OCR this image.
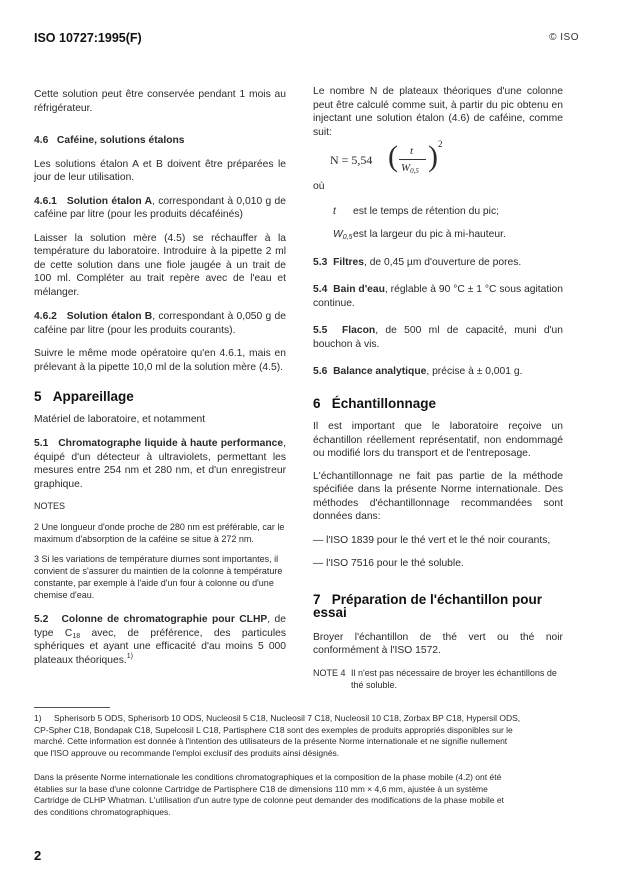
ISO 10727:1995(F)	© ISO

Cette solution peut être conservée pendant 1 mois au réfrigérateur.

4.6 Caféine, solutions étalons

Les solutions étalon A et B doivent être préparées le jour de leur utilisation.

4.6.1 Solution étalon A, correspondant à 0,010 g de caféine par litre (pour les produits décaféinés)

Laisser la solution mère (4.5) se réchauffer à la température du laboratoire. Introduire à la pipette 2 ml de cette solution dans une fiole jaugée à un trait de 100 ml. Compléter au trait repère avec de l'eau et mélanger.

4.6.2 Solution étalon B, correspondant à 0,050 g de caféine par litre (pour les produits courants).

Suivre le même mode opératoire qu'en 4.6.1, mais en prélevant à la pipette 10,0 ml de la solution mère (4.5).

5 Appareillage

Matériel de laboratoire, et notamment

5.1 Chromatographe liquide à haute performance, équipé d'un détecteur à ultraviolets, permettant les mesures entre 254 nm et 280 nm, et d'un enregistreur graphique.

NOTES

2 Une longueur d'onde proche de 280 nm est préférable, car le maximum d'absorption de la caféine se situe à 272 nm.

3 Si les variations de température diurnes sont importantes, il convient de s'assurer du maintien de la colonne à température constante, par exemple à l'aide d'un four à colonne ou d'une chemise d'eau.

5.2 Colonne de chromatographie pour CLHP, de type $C_{18}$ avec, de préférence, des particules sphériques et ayant une efficacité d'au moins 5 000 plateaux théoriques.$^{1)}$

Le nombre N de plateaux théoriques d'une colonne peut être calculé comme suit, à partir du pic obtenu en injectant une solution étalon (4.6) de caféine, comme suit:

N = 5,54 ( t
$W_{0,5}$ ) 2

où

t est le temps de rétention du pic;

$W_{0,5}est$ la largeur du pic à mi-hauteur.

5.3 Filtres, de 0,45 µm d'ouverture de pores.

5.4 Bain d'eau, réglable à 90 °C ± 1 °C sous agitation continue.

5.5 Flacon, de 500 ml de capacité, muni d'un bouchon à vis.

5.6 Balance analytique, précise à ± 0,001 g.

6 Échantillonnage

Il est important que le laboratoire reçoive un échantillon réellement représentatif, non endommagé ou modifié lors du transport et de l'entreposage.

L'échantillonnage ne fait pas partie de la méthode spécifiée dans la présente Norme internationale. Des méthodes d'échantillonnage recommandées sont données dans:

— l'ISO 1839 pour le thé vert et le thé noir courants,

— l'ISO 7516 pour le thé soluble.

7 Préparation de l'échantillon pour essai

Broyer l'échantillon de thé vert ou thé noir conformément à l'ISO 1572.

NOTE 4 Il n'est pas nécessaire de broyer les échantillons de thé soluble.

1) Spherisorb 5 ODS, Spherisorb 10 ODS, Nucleosil 5 C18, Nucleosil 7 C18, Nucleosil 10 C18, Zorbax BP C18, Hypersil ODS,

CP-Spher C18, Bondapak C18, Supelcosil L C18, Partisphere C18 sont des exemples de produits appropriés disponibles sur le

marché. Cette information est donnée à l'intention des utilisateurs de la présente Norme internationale et ne signifie nullement

que l'ISO approuve ou recommande l'emploi exclusif des produits ainsi désignés.

Dans la présente Norme internationale les conditions chromatographiques et la composition de la phase mobile (4.2) ont été

établies sur la base d'une colonne Cartridge de Partisphere C18 de dimensions 110 mm × 4,6 mm, ajustée à un système

Cartridge de CLHP Whatman. L'utilisation d'un autre type de colonne peut demander des modifications de la phase mobile et

des conditions chromatographiques.

2
